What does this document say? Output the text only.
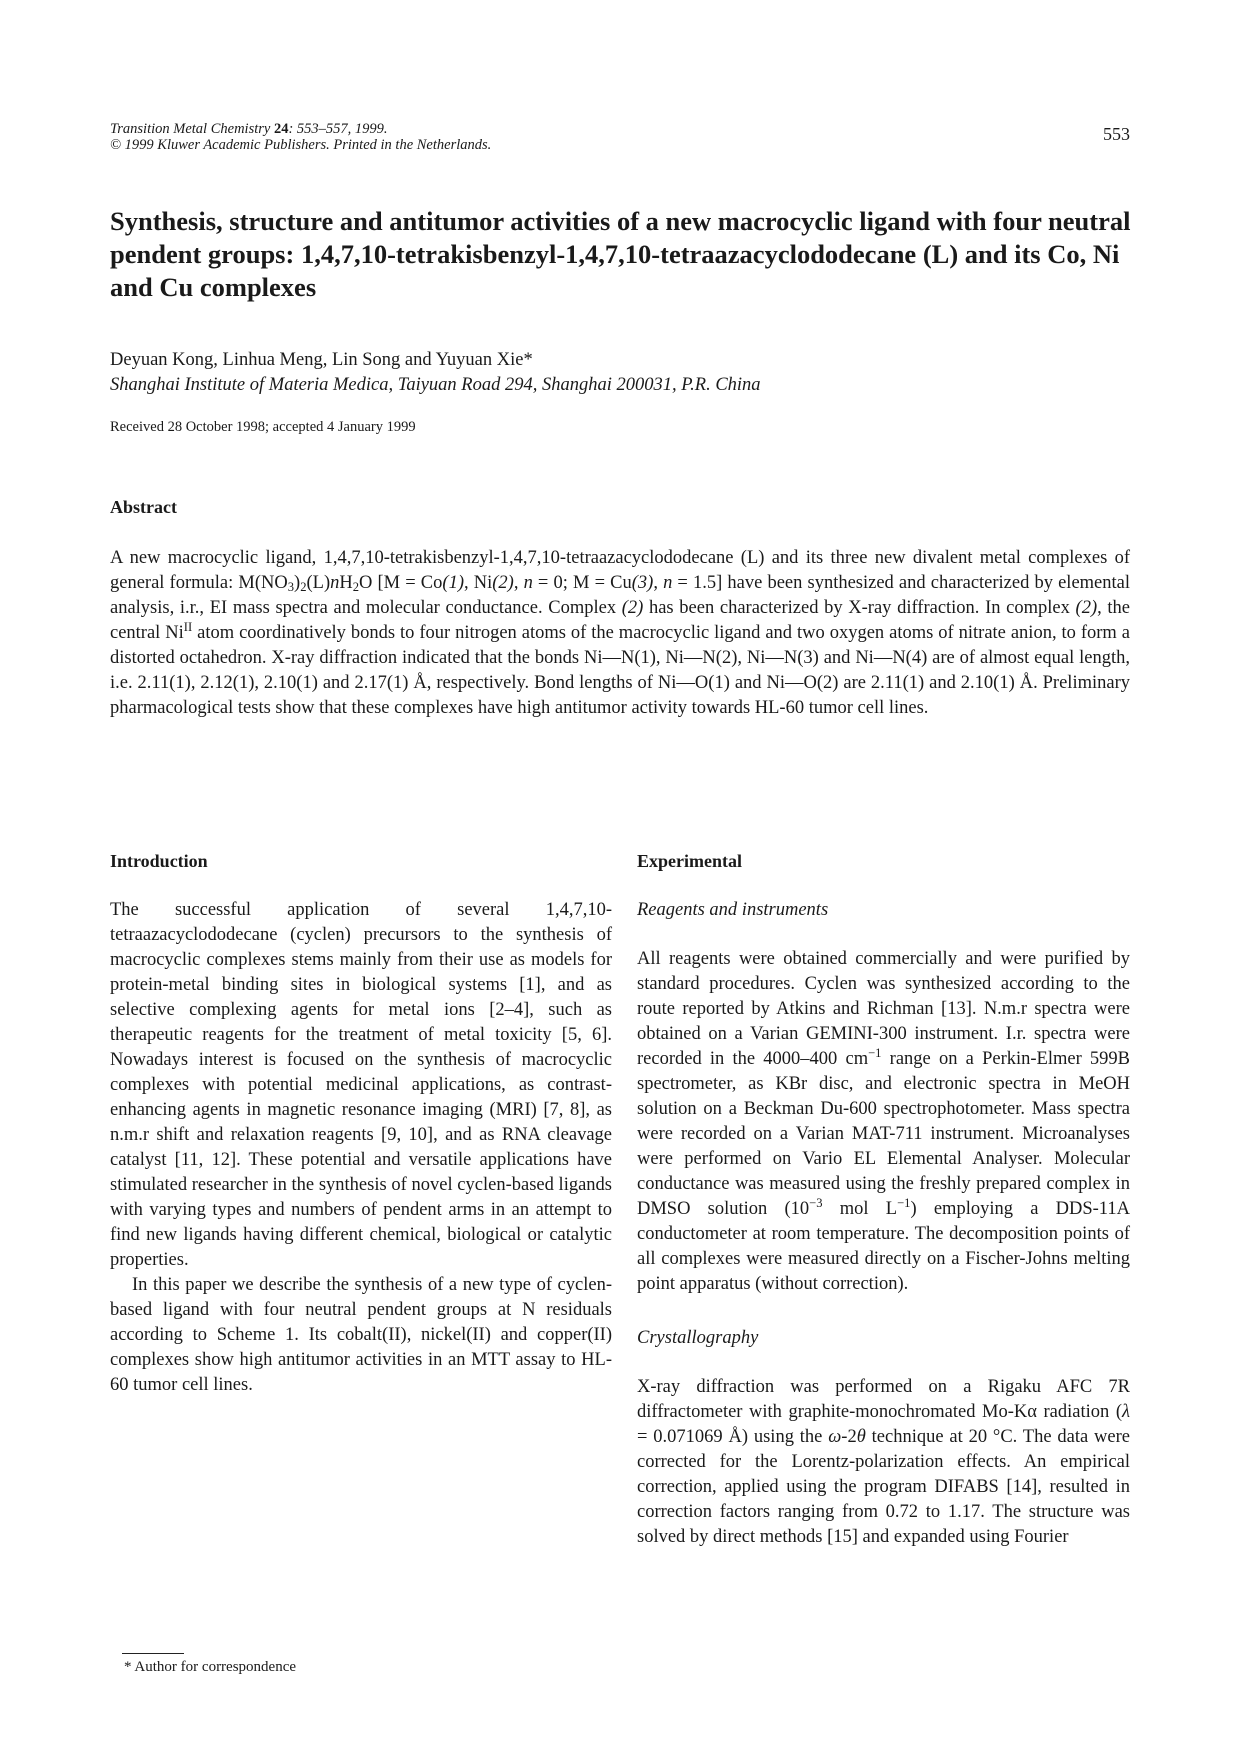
Transition Metal Chemistry 24: 553–557, 1999.
© 1999 Kluwer Academic Publishers. Printed in the Netherlands.
553
Synthesis, structure and antitumor activities of a new macrocyclic ligand with four neutral pendent groups: 1,4,7,10-tetrakisbenzyl-1,4,7,10-tetraazacyclododecane (L) and its Co, Ni and Cu complexes
Deyuan Kong, Linhua Meng, Lin Song and Yuyuan Xie*
Shanghai Institute of Materia Medica, Taiyuan Road 294, Shanghai 200031, P.R. China
Received 28 October 1998; accepted 4 January 1999
Abstract

A new macrocyclic ligand, 1,4,7,10-tetrakisbenzyl-1,4,7,10-tetraazacyclododecane (L) and its three new divalent metal complexes of general formula: $M(NO_3)_2(L)nH_2O$ [M = Co(1), Ni(2), n = 0; M = Cu(3), n = 1.5] have been synthesized and characterized by elemental analysis, i.r., EI mass spectra and molecular conductance. Complex (2) has been characterized by X-ray diffraction. In complex (2), the central $Ni^{II}$ atom coordinatively bonds to four nitrogen atoms of the macrocyclic ligand and two oxygen atoms of nitrate anion, to form a distorted octahedron. X-ray diffraction indicated that the bonds Ni—N(1), Ni—N(2), Ni—N(3) and Ni—N(4) are of almost equal length, i.e. 2.11(1), 2.12(1), 2.10(1) and 2.17(1) Å, respectively. Bond lengths of Ni—O(1) and Ni—O(2) are 2.11(1) and 2.10(1) Å. Preliminary pharmacological tests show that these complexes have high antitumor activity towards HL-60 tumor cell lines.

Introduction

The successful application of several 1,4,7,10-tetraazacyclododecane (cyclen) precursors to the synthesis of macrocyclic complexes stems mainly from their use as models for protein-metal binding sites in biological systems [1], and as selective complexing agents for metal ions [2–4], such as therapeutic reagents for the treatment of metal toxicity [5, 6]. Nowadays interest is focused on the synthesis of macrocyclic complexes with potential medicinal applications, as contrast-enhancing agents in magnetic resonance imaging (MRI) [7, 8], as n.m.r shift and relaxation reagents [9, 10], and as RNA cleavage catalyst [11, 12]. These potential and versatile applications have stimulated researcher in the synthesis of novel cyclen-based ligands with varying types and numbers of pendent arms in an attempt to find new ligands having different chemical, biological or catalytic properties.

In this paper we describe the synthesis of a new type of cyclen-based ligand with four neutral pendent groups at N residuals according to Scheme 1. Its cobalt(II), nickel(II) and copper(II) complexes show high antitumor activities in an MTT assay to HL-60 tumor cell lines.

Experimental
Reagents and instruments

All reagents were obtained commercially and were purified by standard procedures. Cyclen was synthesized according to the route reported by Atkins and Richman [13]. N.m.r spectra were obtained on a Varian GEMINI-300 instrument. I.r. spectra were recorded in the 4000–400 $cm^{-1}$ range on a Perkin-Elmer 599B spectrometer, as KBr disc, and electronic spectra in MeOH solution on a Beckman Du-600 spectrophotometer. Mass spectra were recorded on a Varian MAT-711 instrument. Microanalyses were performed on Vario EL Elemental Analyser. Molecular conductance was measured using the freshly prepared complex in DMSO solution ($10^{-3}$ mol $L^{-1}$) employing a DDS-11A conductometer at room temperature. The decomposition points of all complexes were measured directly on a Fischer-Johns melting point apparatus (without correction).

Crystallography

X-ray diffraction was performed on a Rigaku AFC 7R diffractometer with graphite-monochromated Mo-Kα radiation (λ = 0.071069 Å) using the ω-2θ technique at 20 °C. The data were corrected for the Lorentz-polarization effects. An empirical correction, applied using the program DIFABS [14], resulted in correction factors ranging from 0.72 to 1.17. The structure was solved by direct methods [15] and expanded using Fourier

* Author for correspondence
